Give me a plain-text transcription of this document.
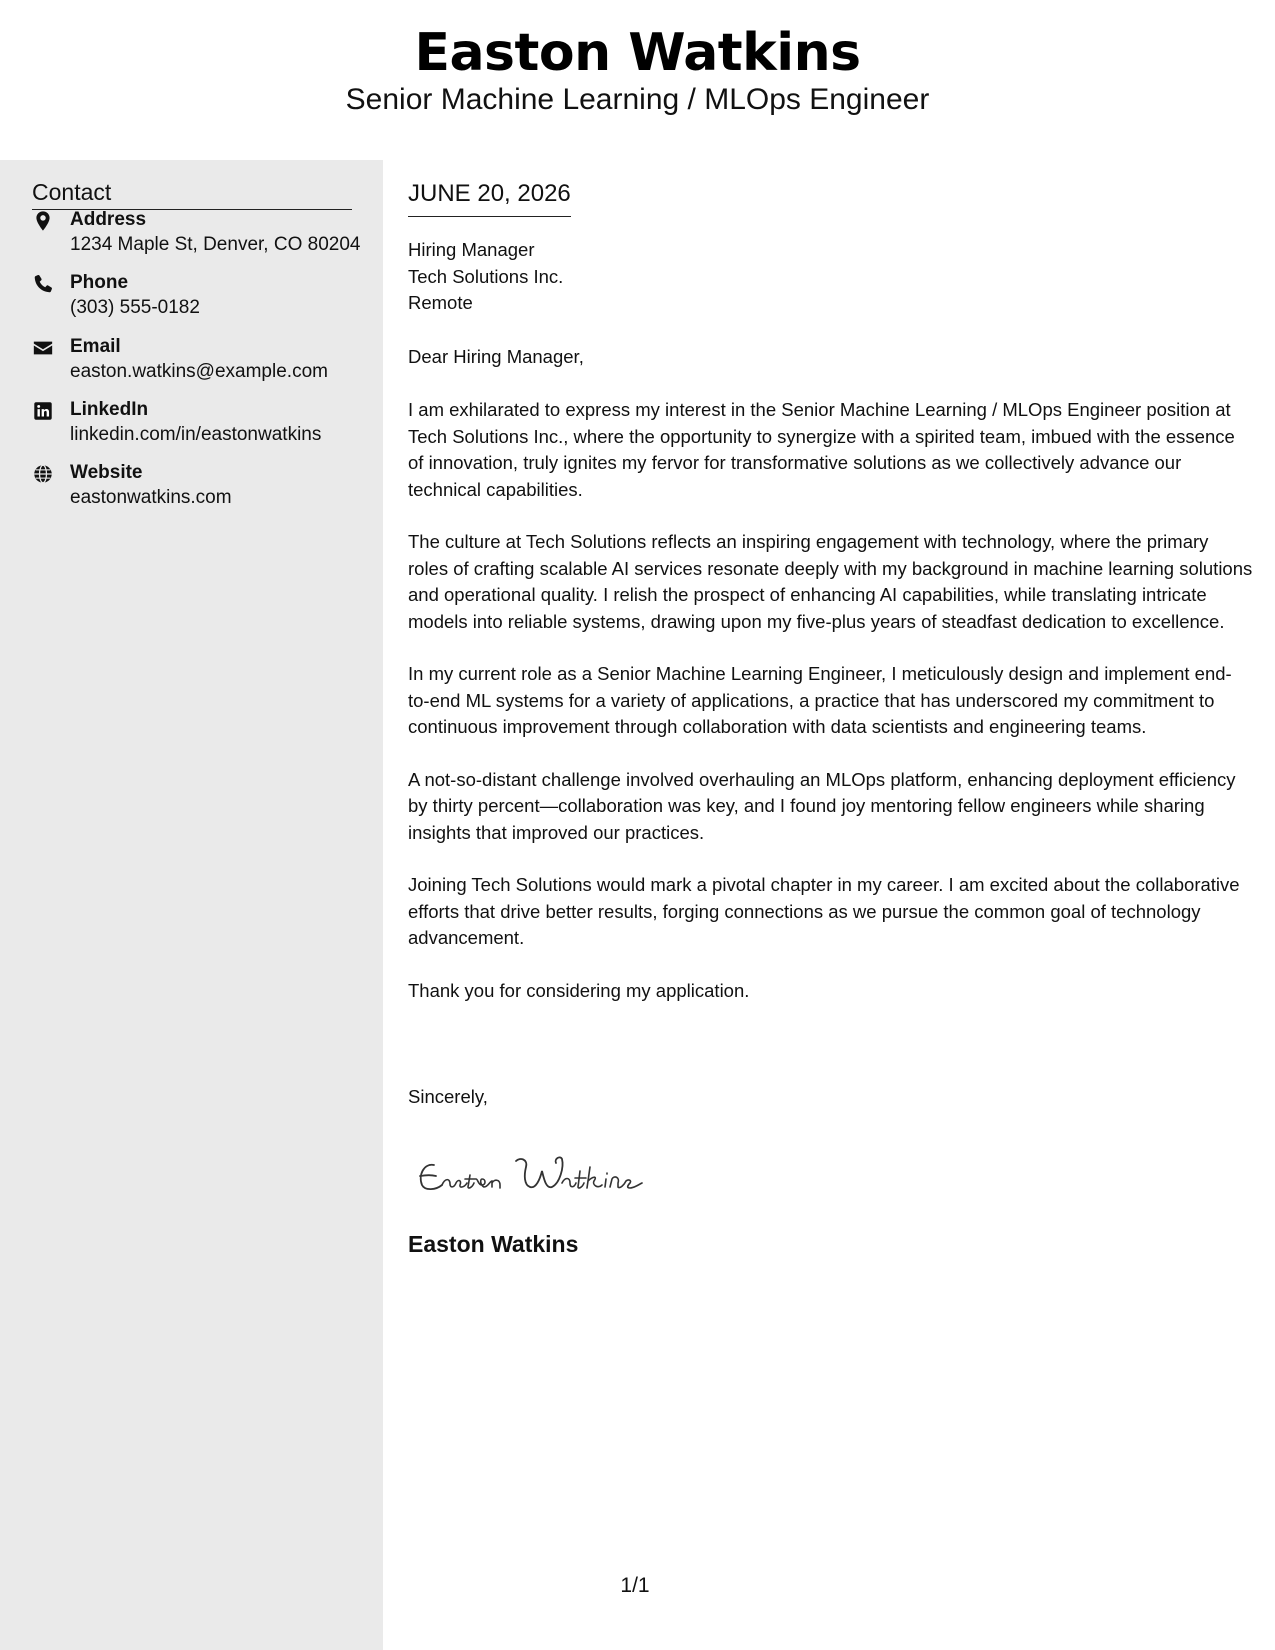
Easton Watkins
Senior Machine Learning / MLOps Engineer
Contact
Address
1234 Maple St, Denver, CO 80204
Phone
(303) 555-0182
Email
easton.watkins@example.com
LinkedIn
linkedin.com/in/eastonwatkins
Website
eastonwatkins.com
JUNE 20, 2026
Hiring Manager
Tech Solutions Inc.
Remote
Dear Hiring Manager,

I am exhilarated to express my interest in the Senior Machine Learning / MLOps Engineer position at Tech Solutions Inc., where the opportunity to synergize with a spirited team, imbued with the essence of innovation, truly ignites my fervor for transformative solutions as we collectively advance our technical capabilities.

The culture at Tech Solutions reflects an inspiring engagement with technology, where the primary roles of crafting scalable AI services resonate deeply with my background in machine learning solutions and operational quality. I relish the prospect of enhancing AI capabilities, while translating intricate models into reliable systems, drawing upon my five-plus years of steadfast dedication to excellence.

In my current role as a Senior Machine Learning Engineer, I meticulously design and implement end-to-end ML systems for a variety of applications, a practice that has underscored my commitment to continuous improvement through collaboration with data scientists and engineering teams.

A not-so-distant challenge involved overhauling an MLOps platform, enhancing deployment efficiency by thirty percent—collaboration was key, and I found joy mentoring fellow engineers while sharing insights that improved our practices.

Joining Tech Solutions would mark a pivotal chapter in my career. I am excited about the collaborative efforts that drive better results, forging connections as we pursue the common goal of technology advancement.

Thank you for considering my application.

Sincerely,
Easton Watkins
1/1
